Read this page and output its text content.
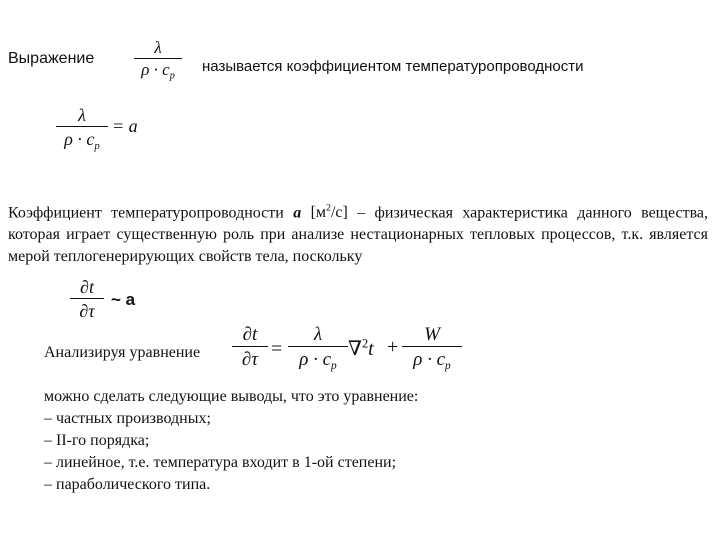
Выражение
λ
$\rho \cdot c_p$
называется коэффициентом температуропроводности
λ
$\rho \cdot c_p$
= a
Коэффициент температуропроводности a $[м^2/с]$ – физическая характеристика данного вещества, которая играет существенную роль при анализе нестационарных тепловых процессов, т.к. является мерой теплогенерирующих свойств тела, поскольку
∂t
∂τ
~ a
Анализируя уравнение
∂t
∂τ =
λ
$\rho \cdot c_p$
∇$^2$t +
W
$\rho \cdot c_p$
можно сделать следующие выводы, что это уравнение:
– частных производных;
– II-го порядка;
– линейное, т.е. температура входит в 1-ой степени;
– параболического типа.
